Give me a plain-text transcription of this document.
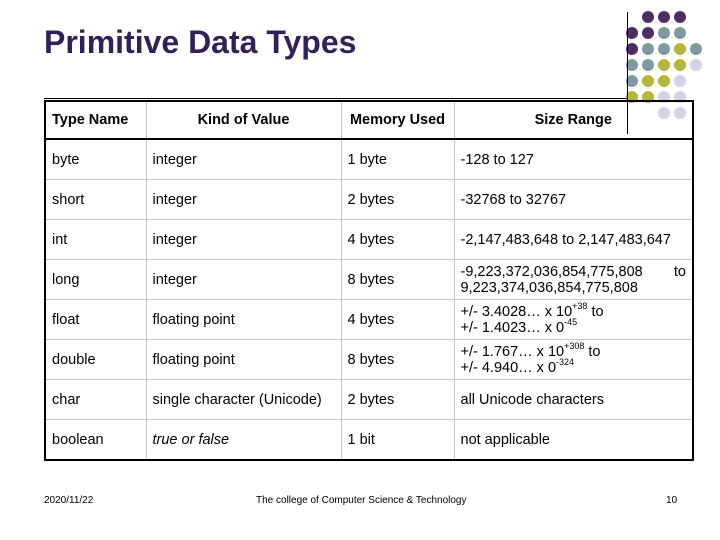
Primitive Data Types
Type Name	Kind of Value	Memory Used	Size Range
byte	integer	1 byte	-128 to 127
short	integer	2 bytes	-32768 to 32767
int	integer	4 bytes	-2,147,483,648 to 2,147,483,647
long	integer	8 bytes	-9,223,372,036,854,775,808 to
9,223,374,036,854,775,808

float	floating point	4 bytes	+/- 3.4028… x $10^{+38}$ to
+/- 1.4023… x $0^{-45}$

double	floating point	8 bytes	+/- 1.767… x $10^{+308}$ to
+/- 4.940… x $0^{-324}$

char	single character (Unicode)	2 bytes	all Unicode characters
boolean	true or false	1 bit	not applicable
2020/11/22	The college of Computer Science & Technology	10
